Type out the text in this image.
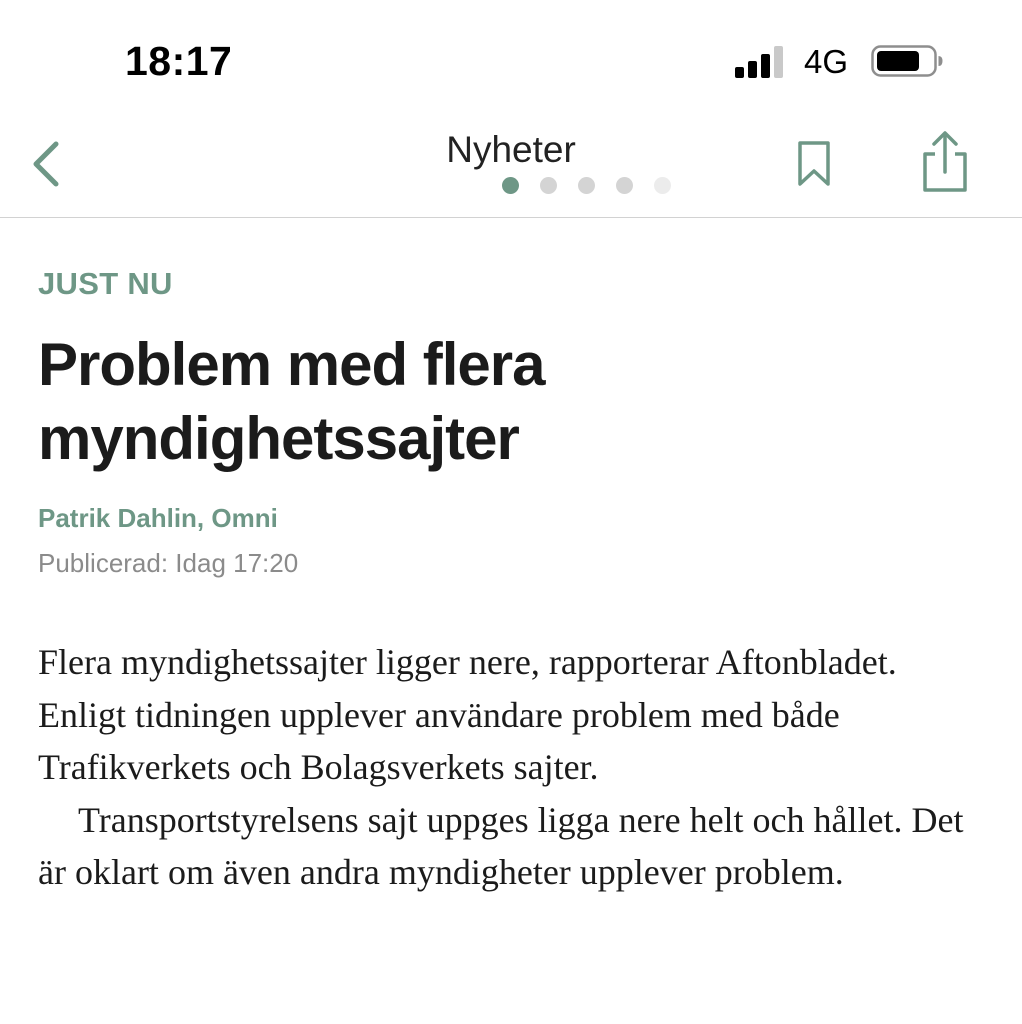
18:17	4G
Nyheter
JUST NU
Problem med flera myndighetssajter
Patrik Dahlin, Omni
Publicerad: Idag 17:20

Flera myndighetssajter ligger nere, rapporterar Aftonbladet. Enligt tidningen upplever användare problem med både Trafikverkets och Bolagsverkets sajter.

Transportstyrelsens sajt uppges ligga nere helt och hållet. Det är oklart om även andra myndigheter upplever problem.
